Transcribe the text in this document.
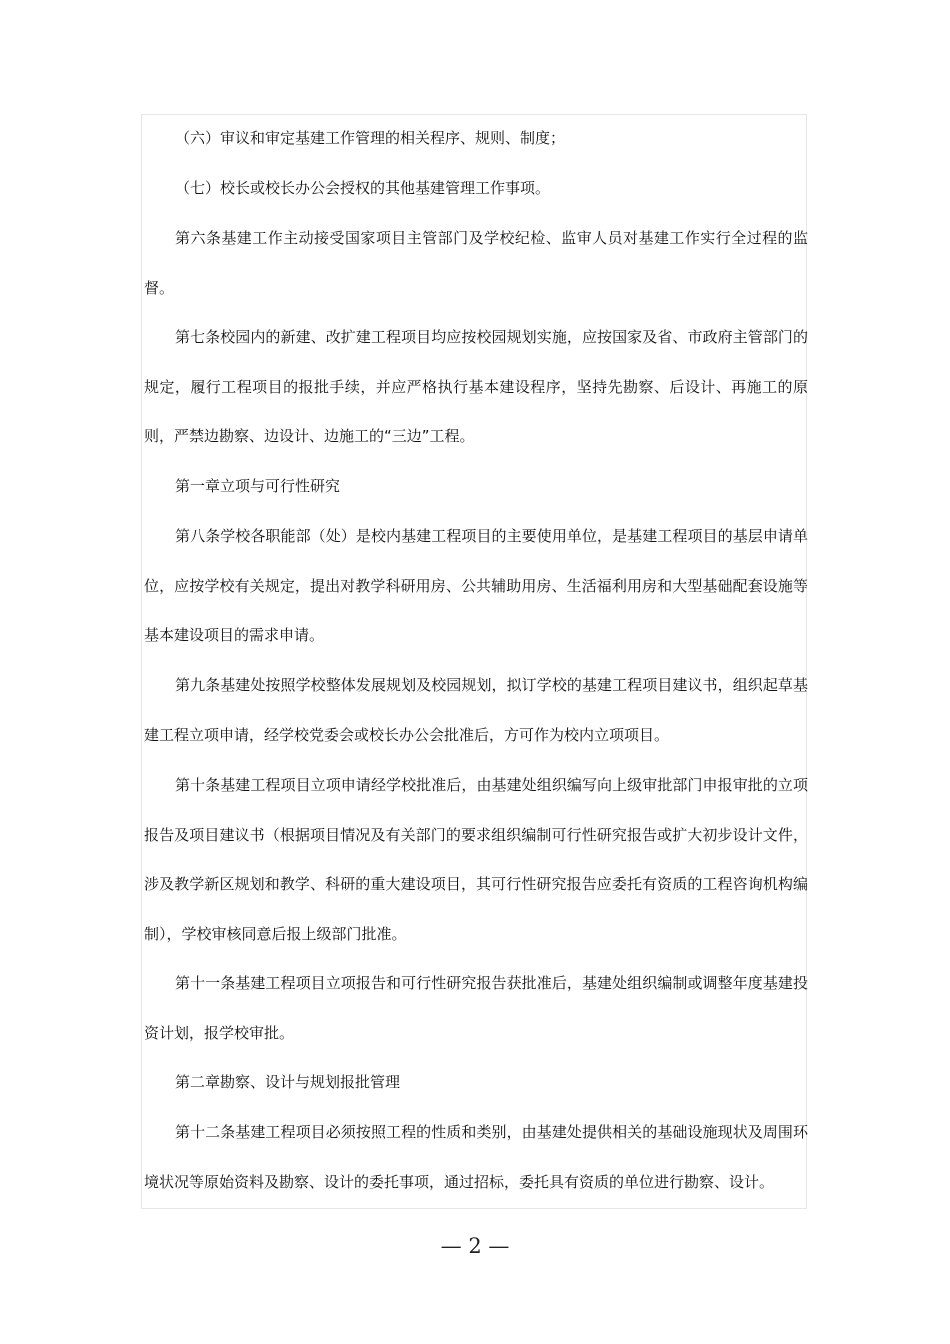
（六）审议和审定基建工作管理的相关程序、规则、制度；

（七）校长或校长办公会授权的其他基建管理工作事项。

第六条基建工作主动接受国家项目主管部门及学校纪检、监审人员对基建工作实行全过程的监督。

第七条校园内的新建、改扩建工程项目均应按校园规划实施，应按国家及省、市政府主管部门的规定，履行工程项目的报批手续，并应严格执行基本建设程序，坚持先勘察、后设计、再施工的原则，严禁边勘察、边设计、边施工的“三边”工程。

第一章立项与可行性研究

第八条学校各职能部（处）是校内基建工程项目的主要使用单位，是基建工程项目的基层申请单位，应按学校有关规定，提出对教学科研用房、公共辅助用房、生活福利用房和大型基础配套设施等基本建设项目的需求申请。

第九条基建处按照学校整体发展规划及校园规划，拟订学校的基建工程项目建议书，组织起草基建工程立项申请，经学校党委会或校长办公会批准后，方可作为校内立项项目。

第十条基建工程项目立项申请经学校批准后，由基建处组织编写向上级审批部门申报审批的立项报告及项目建议书（根据项目情况及有关部门的要求组织编制可行性研究报告或扩大初步设计文件，涉及教学新区规划和教学、科研的重大建设项目，其可行性研究报告应委托有资质的工程咨询机构编制），学校审核同意后报上级部门批准。

第十一条基建工程项目立项报告和可行性研究报告获批准后，基建处组织编制或调整年度基建投资计划，报学校审批。

第二章勘察、设计与规划报批管理

第十二条基建工程项目必须按照工程的性质和类别，由基建处提供相关的基础设施现状及周围环境状况等原始资料及勘察、设计的委托事项，通过招标，委托具有资质的单位进行勘察、设计。

— 2 —
